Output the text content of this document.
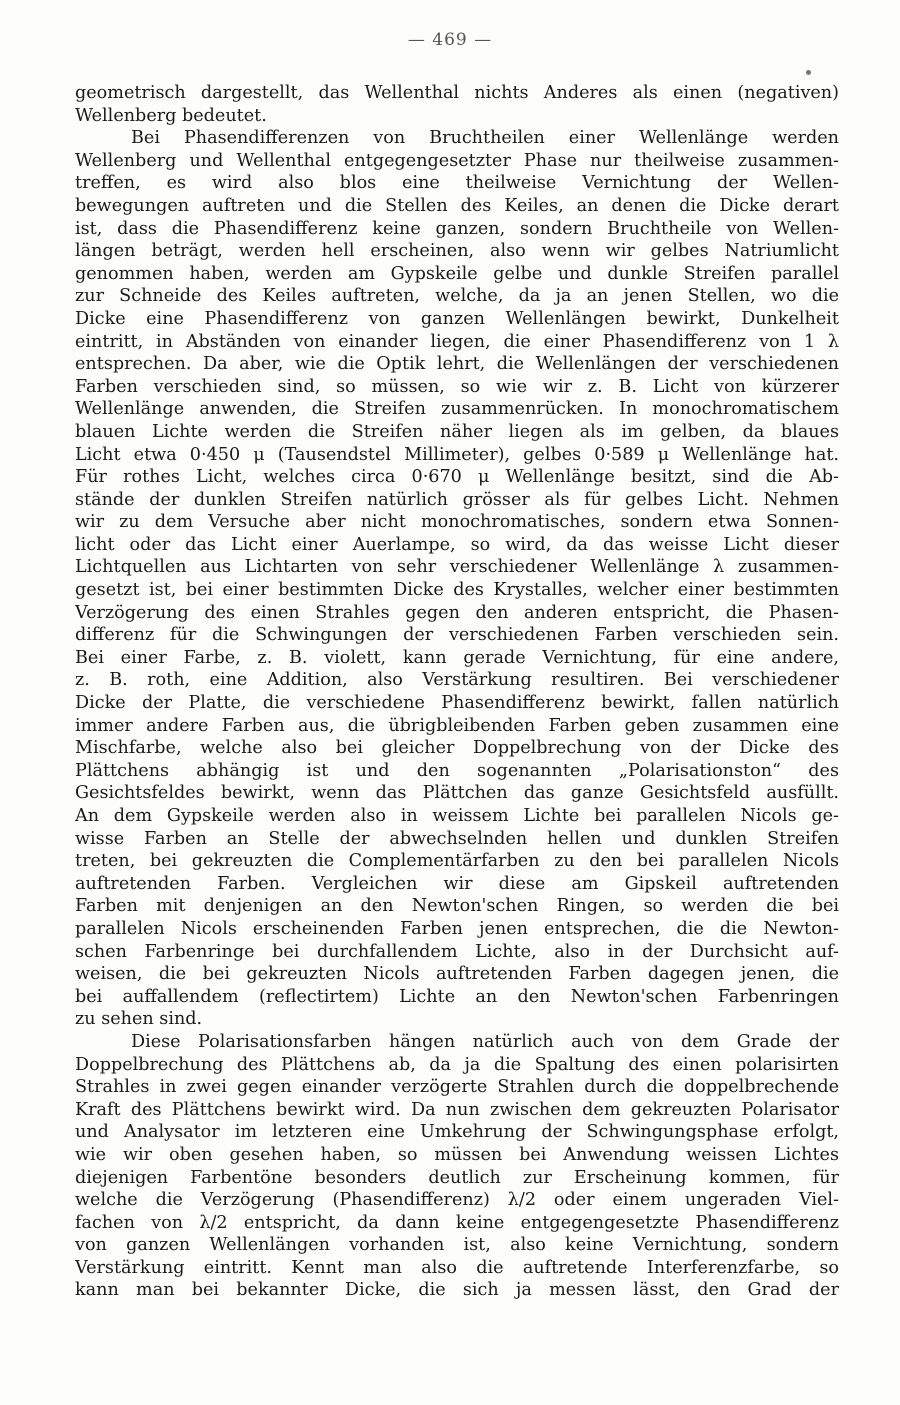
— 469 —
geometrisch dargestellt, das Wellenthal nichts Anderes als einen (negativen)
Wellenberg bedeutet.
Bei Phasendifferenzen von Bruchtheilen einer Wellenlänge werden
Wellenberg und Wellenthal entgegengesetzter Phase nur theilweise zusammen-
treffen, es wird also blos eine theilweise Vernichtung der Wellen-
bewegungen auftreten und die Stellen des Keiles, an denen die Dicke derart
ist, dass die Phasendifferenz keine ganzen, sondern Bruchtheile von Wellen-
längen beträgt, werden hell erscheinen, also wenn wir gelbes Natriumlicht
genommen haben, werden am Gypskeile gelbe und dunkle Streifen parallel
zur Schneide des Keiles auftreten, welche, da ja an jenen Stellen, wo die
Dicke eine Phasendifferenz von ganzen Wellenlängen bewirkt, Dunkelheit
eintritt, in Abständen von einander liegen, die einer Phasendifferenz von 1 λ
entsprechen. Da aber, wie die Optik lehrt, die Wellenlängen der verschiedenen
Farben verschieden sind, so müssen, so wie wir z. B. Licht von kürzerer
Wellenlänge anwenden, die Streifen zusammenrücken. In monochromatischem
blauen Lichte werden die Streifen näher liegen als im gelben, da blaues
Licht etwa 0·450 μ (Tausendstel Millimeter), gelbes 0·589 μ Wellenlänge hat.
Für rothes Licht, welches circa 0·670 μ Wellenlänge besitzt, sind die Ab-
stände der dunklen Streifen natürlich grösser als für gelbes Licht. Nehmen
wir zu dem Versuche aber nicht monochromatisches, sondern etwa Sonnen-
licht oder das Licht einer Auerlampe, so wird, da das weisse Licht dieser
Lichtquellen aus Lichtarten von sehr verschiedener Wellenlänge λ zusammen-
gesetzt ist, bei einer bestimmten Dicke des Krystalles, welcher einer bestimmten
Verzögerung des einen Strahles gegen den anderen entspricht, die Phasen-
differenz für die Schwingungen der verschiedenen Farben verschieden sein.
Bei einer Farbe, z. B. violett, kann gerade Vernichtung, für eine andere,
z. B. roth, eine Addition, also Verstärkung resultiren. Bei verschiedener
Dicke der Platte, die verschiedene Phasendifferenz bewirkt, fallen natürlich
immer andere Farben aus, die übrigbleibenden Farben geben zusammen eine
Mischfarbe, welche also bei gleicher Doppelbrechung von der Dicke des
Plättchens abhängig ist und den sogenannten „Polarisationston“ des
Gesichtsfeldes bewirkt, wenn das Plättchen das ganze Gesichtsfeld ausfüllt.
An dem Gypskeile werden also in weissem Lichte bei parallelen Nicols ge-
wisse Farben an Stelle der abwechselnden hellen und dunklen Streifen
treten, bei gekreuzten die Complementärfarben zu den bei parallelen Nicols
auftretenden Farben. Vergleichen wir diese am Gipskeil auftretenden
Farben mit denjenigen an den Newton'schen Ringen, so werden die bei
parallelen Nicols erscheinenden Farben jenen entsprechen, die die Newton-
schen Farbenringe bei durchfallendem Lichte, also in der Durchsicht auf-
weisen, die bei gekreuzten Nicols auftretenden Farben dagegen jenen, die
bei auffallendem (reflectirtem) Lichte an den Newton'schen Farbenringen
zu sehen sind.
Diese Polarisationsfarben hängen natürlich auch von dem Grade der
Doppelbrechung des Plättchens ab, da ja die Spaltung des einen polarisirten
Strahles in zwei gegen einander verzögerte Strahlen durch die doppelbrechende
Kraft des Plättchens bewirkt wird. Da nun zwischen dem gekreuzten Polarisator
und Analysator im letzteren eine Umkehrung der Schwingungsphase erfolgt,
wie wir oben gesehen haben, so müssen bei Anwendung weissen Lichtes
diejenigen Farbentöne besonders deutlich zur Erscheinung kommen, für
welche die Verzögerung (Phasendifferenz) λ/2 oder einem ungeraden Viel-
fachen von λ/2 entspricht, da dann keine entgegengesetzte Phasendifferenz
von ganzen Wellenlängen vorhanden ist, also keine Vernichtung, sondern
Verstärkung eintritt. Kennt man also die auftretende Interferenzfarbe, so
kann man bei bekannter Dicke, die sich ja messen lässt, den Grad der
